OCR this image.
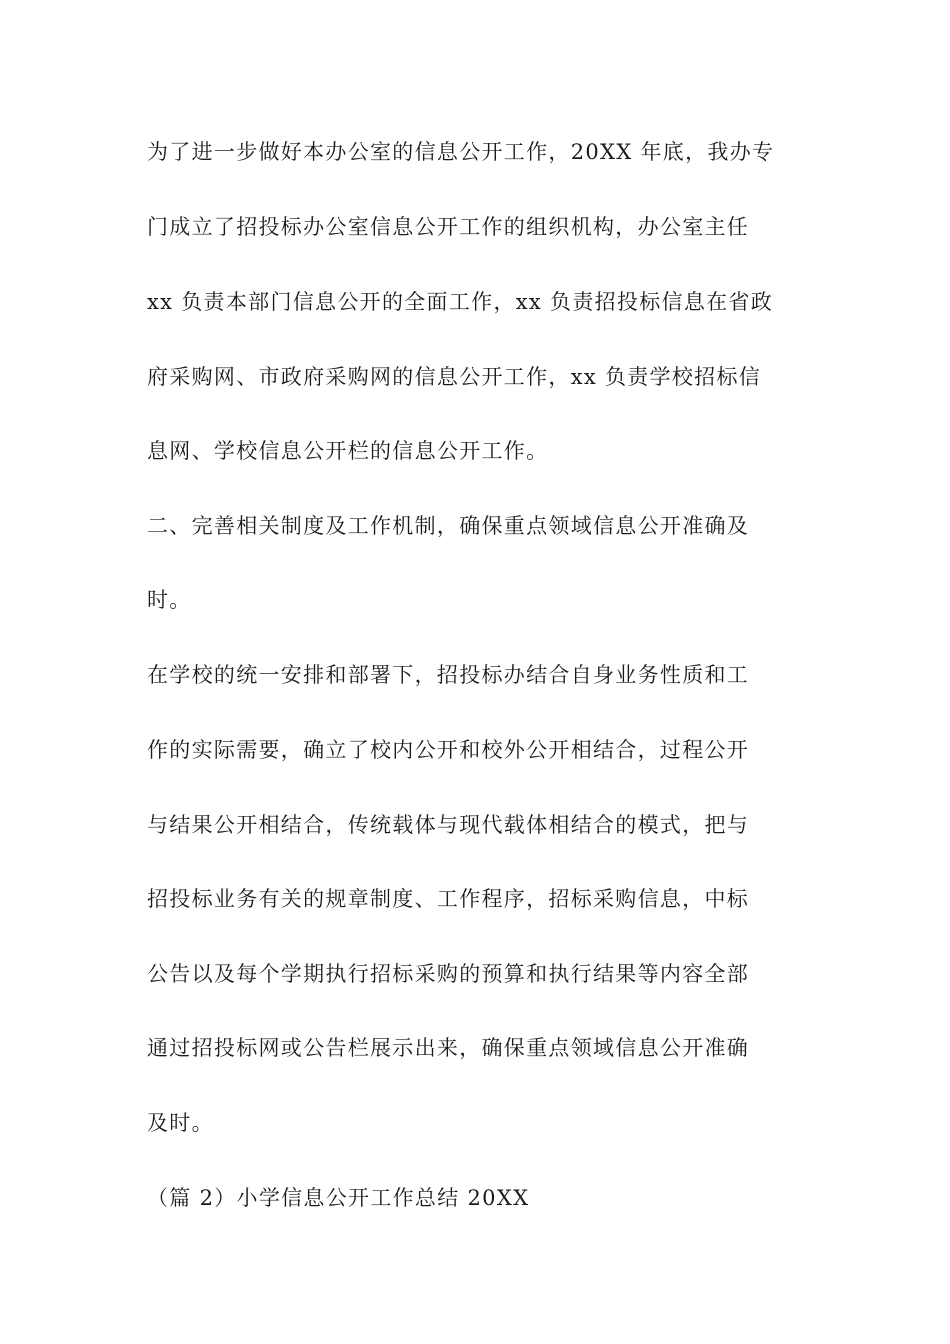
为了进一步做好本办公室的信息公开工作，20XX 年底，我办专

门成立了招投标办公室信息公开工作的组织机构，办公室主任

xx 负责本部门信息公开的全面工作，xx 负责招投标信息在省政

府采购网、市政府采购网的信息公开工作，xx 负责学校招标信

息网、学校信息公开栏的信息公开工作。

二、完善相关制度及工作机制，确保重点领域信息公开准确及

时。

在学校的统一安排和部署下，招投标办结合自身业务性质和工

作的实际需要，确立了校内公开和校外公开相结合，过程公开

与结果公开相结合，传统载体与现代载体相结合的模式，把与

招投标业务有关的规章制度、工作程序，招标采购信息，中标

公告以及每个学期执行招标采购的预算和执行结果等内容全部

通过招投标网或公告栏展示出来，确保重点领域信息公开准确

及时。

（篇 2）小学信息公开工作总结 20XX
